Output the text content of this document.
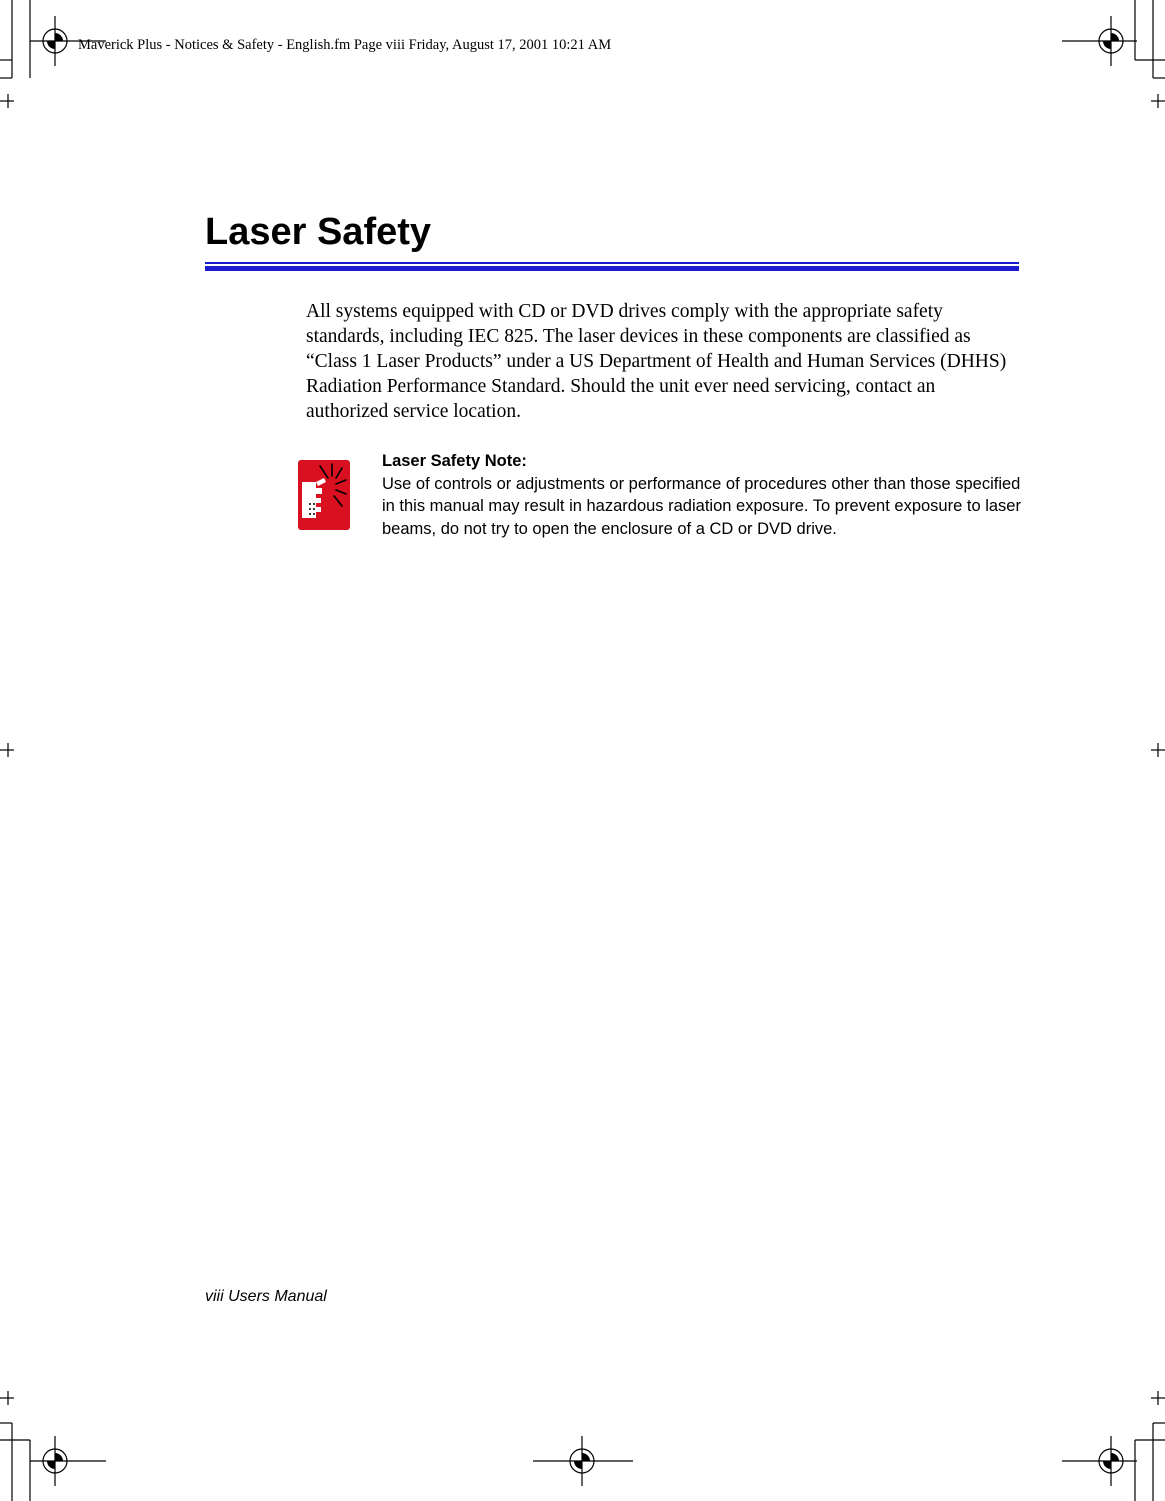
Maverick Plus - Notices & Safety - English.fm Page viii Friday, August 17, 2001 10:21 AM
Laser Safety

All systems equipped with CD or DVD drives comply with the appropriate safety standards, including IEC 825. The laser devices in these components are classified as “Class 1 Laser Products” under a US Department of Health and Human Services (DHHS) Radiation Performance Standard. Should the unit ever need servicing, contact an authorized service location.

Laser Safety Note:

Use of controls or adjustments or performance of procedures other than those specified in this manual may result in hazardous radiation exposure. To prevent exposure to laser beams, do not try to open the enclosure of a CD or DVD drive.

viii Users Manual
